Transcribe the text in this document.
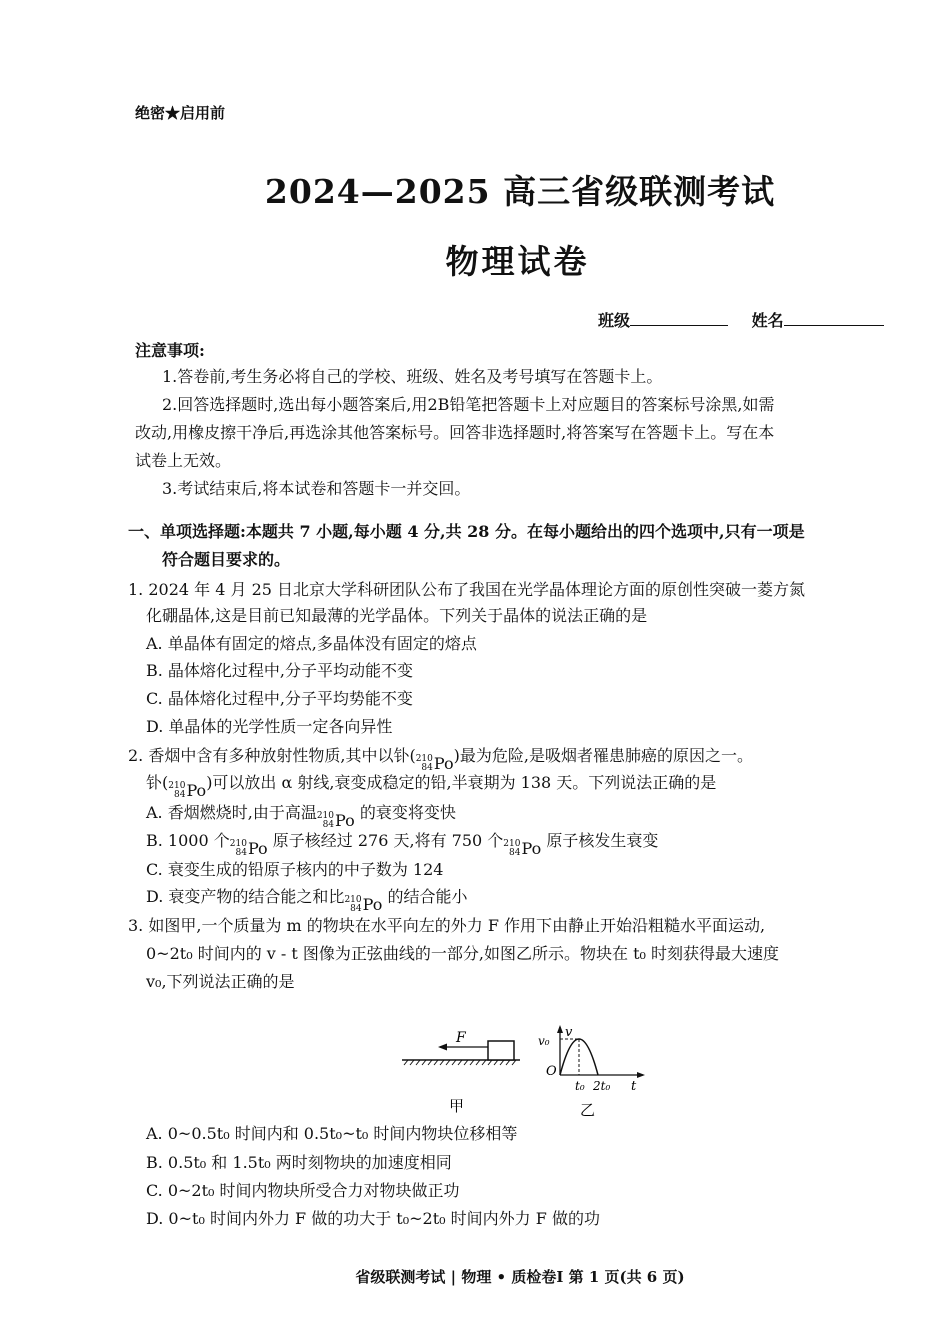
绝密★启用前
2024—2025 高三省级联测考试
物理试卷
班级	姓名
注意事项:
1.答卷前,考生务必将自己的学校、班级、姓名及考号填写在答题卡上。
2.回答选择题时,选出每小题答案后,用2B铅笔把答题卡上对应题目的答案标号涂黑,如需
改动,用橡皮擦干净后,再选涂其他答案标号。回答非选择题时,将答案写在答题卡上。写在本
试卷上无效。
3.考试结束后,将本试卷和答题卡一并交回。
一、单项选择题:本题共 7 小题,每小题 4 分,共 28 分。在每小题给出的四个选项中,只有一项是
符合题目要求的。
1. 2024 年 4 月 25 日北京大学科研团队公布了我国在光学晶体理论方面的原创性突破一菱方氮
化硼晶体,这是目前已知最薄的光学晶体。下列关于晶体的说法正确的是
A. 单晶体有固定的熔点,多晶体没有固定的熔点
B. 晶体熔化过程中,分子平均动能不变
C. 晶体熔化过程中,分子平均势能不变
D. 单晶体的光学性质一定各向异性
2. 香烟中含有多种放射性物质,其中以钋( 210
84 Po )最为危险,是吸烟者罹患肺癌的原因之一。
钋( 210
84 Po )可以放出 α 射线,衰变成稳定的铅,半衰期为 138 天。下列说法正确的是
A. 香烟燃烧时,由于高温 210
84 Po 的衰变将变快
B. 1000 个 210
84 Po 原子核经过 276 天,将有 750 个 210
84 Po 原子核发生衰变
C. 衰变生成的铅原子核内的中子数为 124
D. 衰变产物的结合能之和比 210
84 Po 的结合能小
3. 如图甲,一个质量为 m 的物块在水平向左的外力 F 作用下由静止开始沿粗糙水平面运动,
0~2t₀ 时间内的 v - t 图像为正弦曲线的一部分,如图乙所示。物块在 t₀ 时刻获得最大速度
v₀,下列说法正确的是
F
甲
v
v₀
O
t₀ 2t₀ t
乙
A. 0~0.5t₀ 时间内和 0.5t₀~t₀ 时间内物块位移相等
B. 0.5t₀ 和 1.5t₀ 两时刻物块的加速度相同
C. 0~2t₀ 时间内物块所受合力对物块做正功
D. 0~t₀ 时间内外力 F 做的功大于 t₀~2t₀ 时间内外力 F 做的功
省级联测考试 | 物理 • 质检卷Ⅰ 第 1 页(共 6 页)
